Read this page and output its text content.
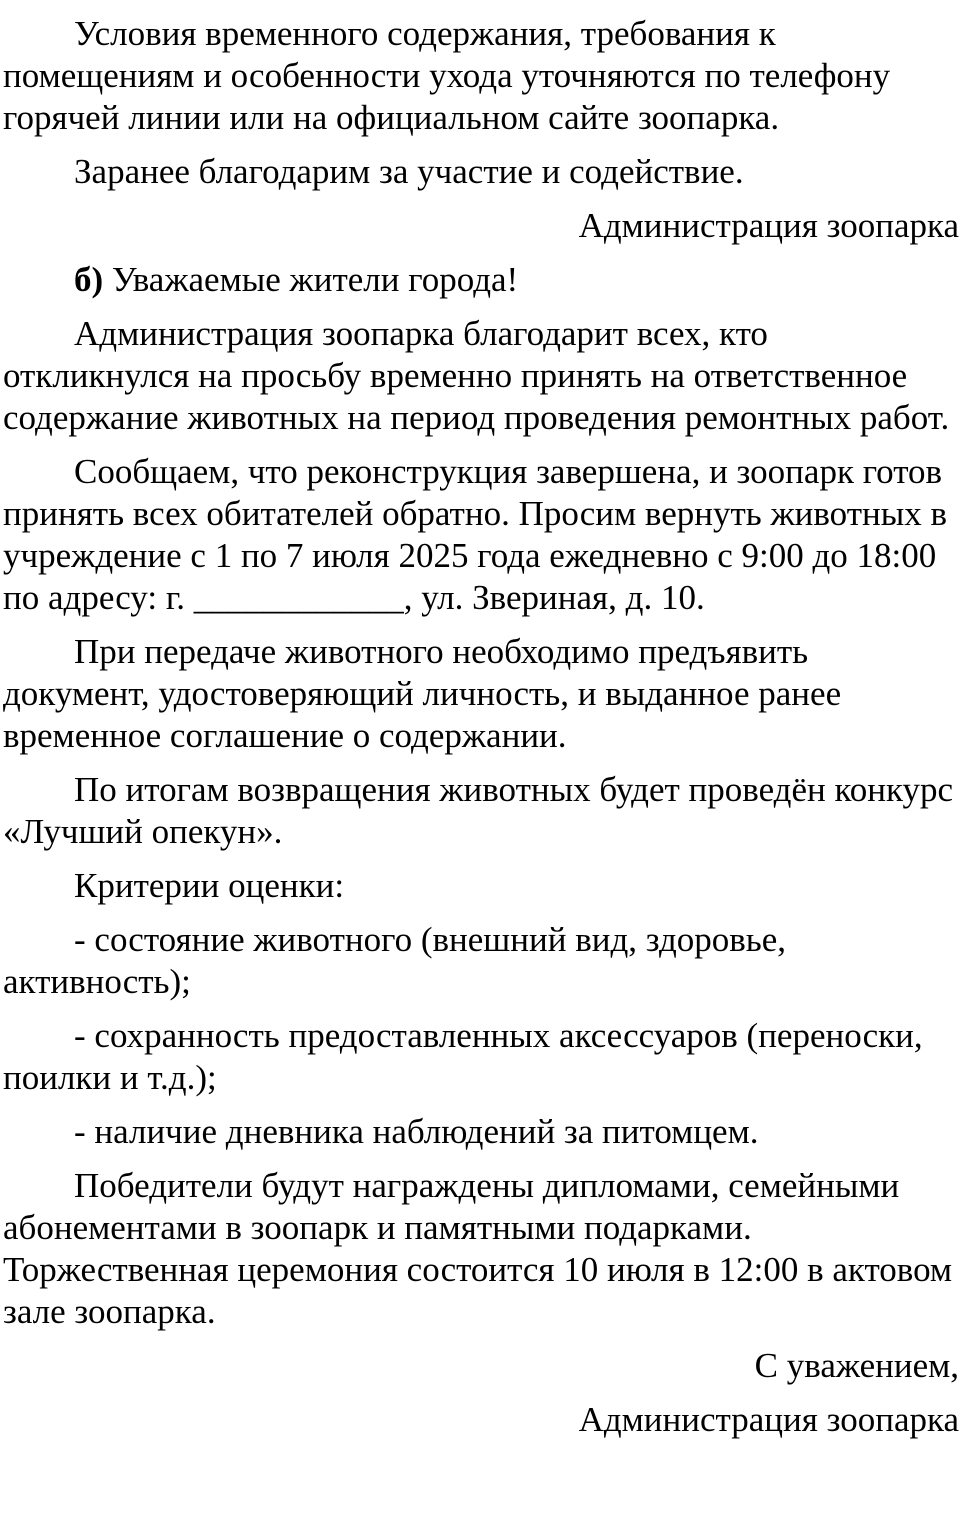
Условия временного содержания, требования к помещениям и особенности ухода уточняются по телефону горячей линии или на официальном сайте зоопарка.

Заранее благодарим за участие и содействие.

Администрация зоопарка

б) Уважаемые жители города!

Администрация зоопарка благодарит всех, кто откликнулся на просьбу временно принять на ответственное содержание животных на период проведения ремонтных работ.

Сообщаем, что реконструкция завершена, и зоопарк готов принять всех обитателей обратно. Просим вернуть животных в учреждение с 1 по 7 июля 2025 года ежедневно с 9:00 до 18:00 по адресу: г. ____________, ул. Звериная, д. 10.

При передаче животного необходимо предъявить документ, удостоверяющий личность, и выданное ранее временное соглашение о содержании.

По итогам возвращения животных будет проведён конкурс «Лучший опекун».

Критерии оценки:

- состояние животного (внешний вид, здоровье, активность);

- сохранность предоставленных аксессуаров (переноски, поилки и т.д.);

- наличие дневника наблюдений за питомцем.

Победители будут награждены дипломами, семейными абонементами в зоопарк и памятными подарками. Торжественная церемония состоится 10 июля в 12:00 в актовом зале зоопарка.

С уважением,

Администрация зоопарка
